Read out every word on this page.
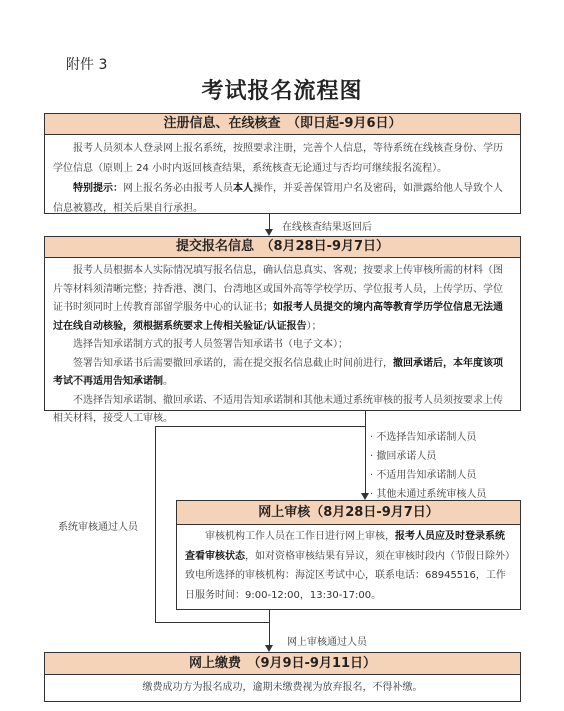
附件 3
考试报名流程图
注册信息、在线核查　（即日起-9月6日）

报考人员须本人登录网上报名系统，按照要求注册，完善个人信息，等待系统在线核查身份、学历学位信息（原则上 24 小时内返回核查结果，系统核查无论通过与否均可继续报名流程）。

特别提示：网上报名务必由报考人员本人操作，并妥善保管用户名及密码，如泄露给他人导致个人信息被篡改，相关后果自行承担。

在线核查结果返回后
提交报名信息　（8月28日-9月7日）

报考人员根据本人实际情况填写报名信息，确认信息真实、客观；按要求上传审核所需的材料（图片等材料须清晰完整；持香港、澳门、台湾地区或国外高等学校学历、学位报考人员，上传学历、学位证书时须同时上传教育部留学服务中心的认证书；如报考人员提交的境内高等教育学历学位信息无法通过在线自动核验，须根据系统要求上传相关验证/认证报告）；

选择告知承诺制方式的报考人员签署告知承诺书（电子文本）；

签署告知承诺书后需要撤回承诺的，需在提交报名信息截止时间前进行，撤回承诺后，本年度该项考试不再适用告知承诺制。

不选择告知承诺制、撤回承诺、不适用告知承诺制和其他未通过系统审核的报考人员须按要求上传相关材料，接受人工审核。

· 不选择告知承诺制人员
· 撤回承诺人员
· 不适用告知承诺制人员
· 其他未通过系统审核人员
系统审核通过人员
网上审核（8月28日-9月7日）

审核机构工作人员在工作日进行网上审核，报考人员应及时登录系统查看审核状态，如对资格审核结果有异议，须在审核时段内（节假日除外）致电所选择的审核机构：海淀区考试中心，联系电话：68945516，工作日服务时间：9:00-12:00，13:30-17:00。

网上审核通过人员
网上缴费　（9月9日-9月11日）
缴费成功方为报名成功，逾期未缴费视为放弃报名，不得补缴。
